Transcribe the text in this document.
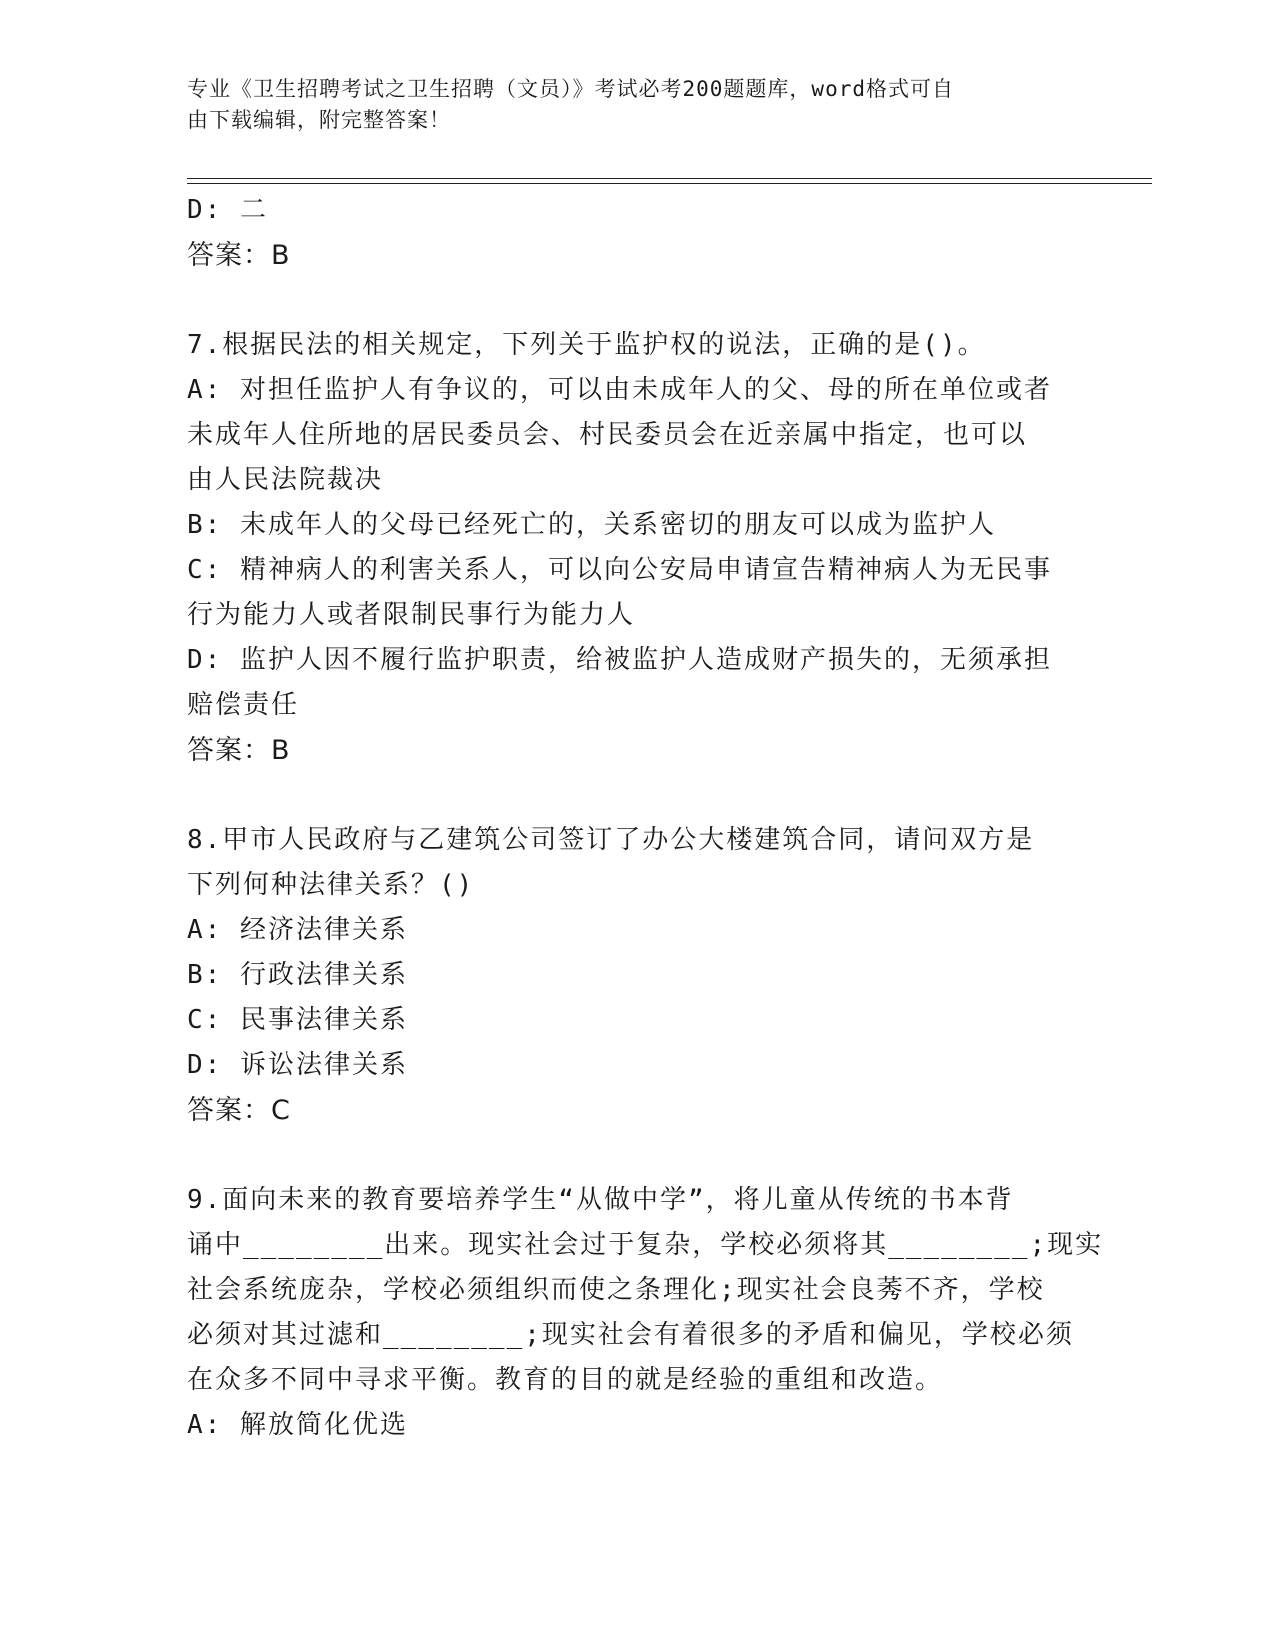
专业《卫生招聘考试之卫生招聘（文员）》考试必考200题题库，word格式可自
由下载编辑，附完整答案！
D: 二
答案：B
7.根据民法的相关规定，下列关于监护权的说法，正确的是()。
A: 对担任监护人有争议的，可以由未成年人的父、母的所在单位或者
未成年人住所地的居民委员会、村民委员会在近亲属中指定，也可以
由人民法院裁决
B: 未成年人的父母已经死亡的，关系密切的朋友可以成为监护人
C: 精神病人的利害关系人，可以向公安局申请宣告精神病人为无民事
行为能力人或者限制民事行为能力人
D: 监护人因不履行监护职责，给被监护人造成财产损失的，无须承担
赔偿责任
答案：B
8.甲市人民政府与乙建筑公司签订了办公大楼建筑合同，请问双方是
下列何种法律关系？()
A: 经济法律关系
B: 行政法律关系
C: 民事法律关系
D: 诉讼法律关系
答案：C
9.面向未来的教育要培养学生“从做中学”，将儿童从传统的书本背
诵中________出来。现实社会过于复杂，学校必须将其________;现实
社会系统庞杂，学校必须组织而使之条理化;现实社会良莠不齐，学校
必须对其过滤和________;现实社会有着很多的矛盾和偏见，学校必须
在众多不同中寻求平衡。教育的目的就是经验的重组和改造。
A: 解放简化优选
